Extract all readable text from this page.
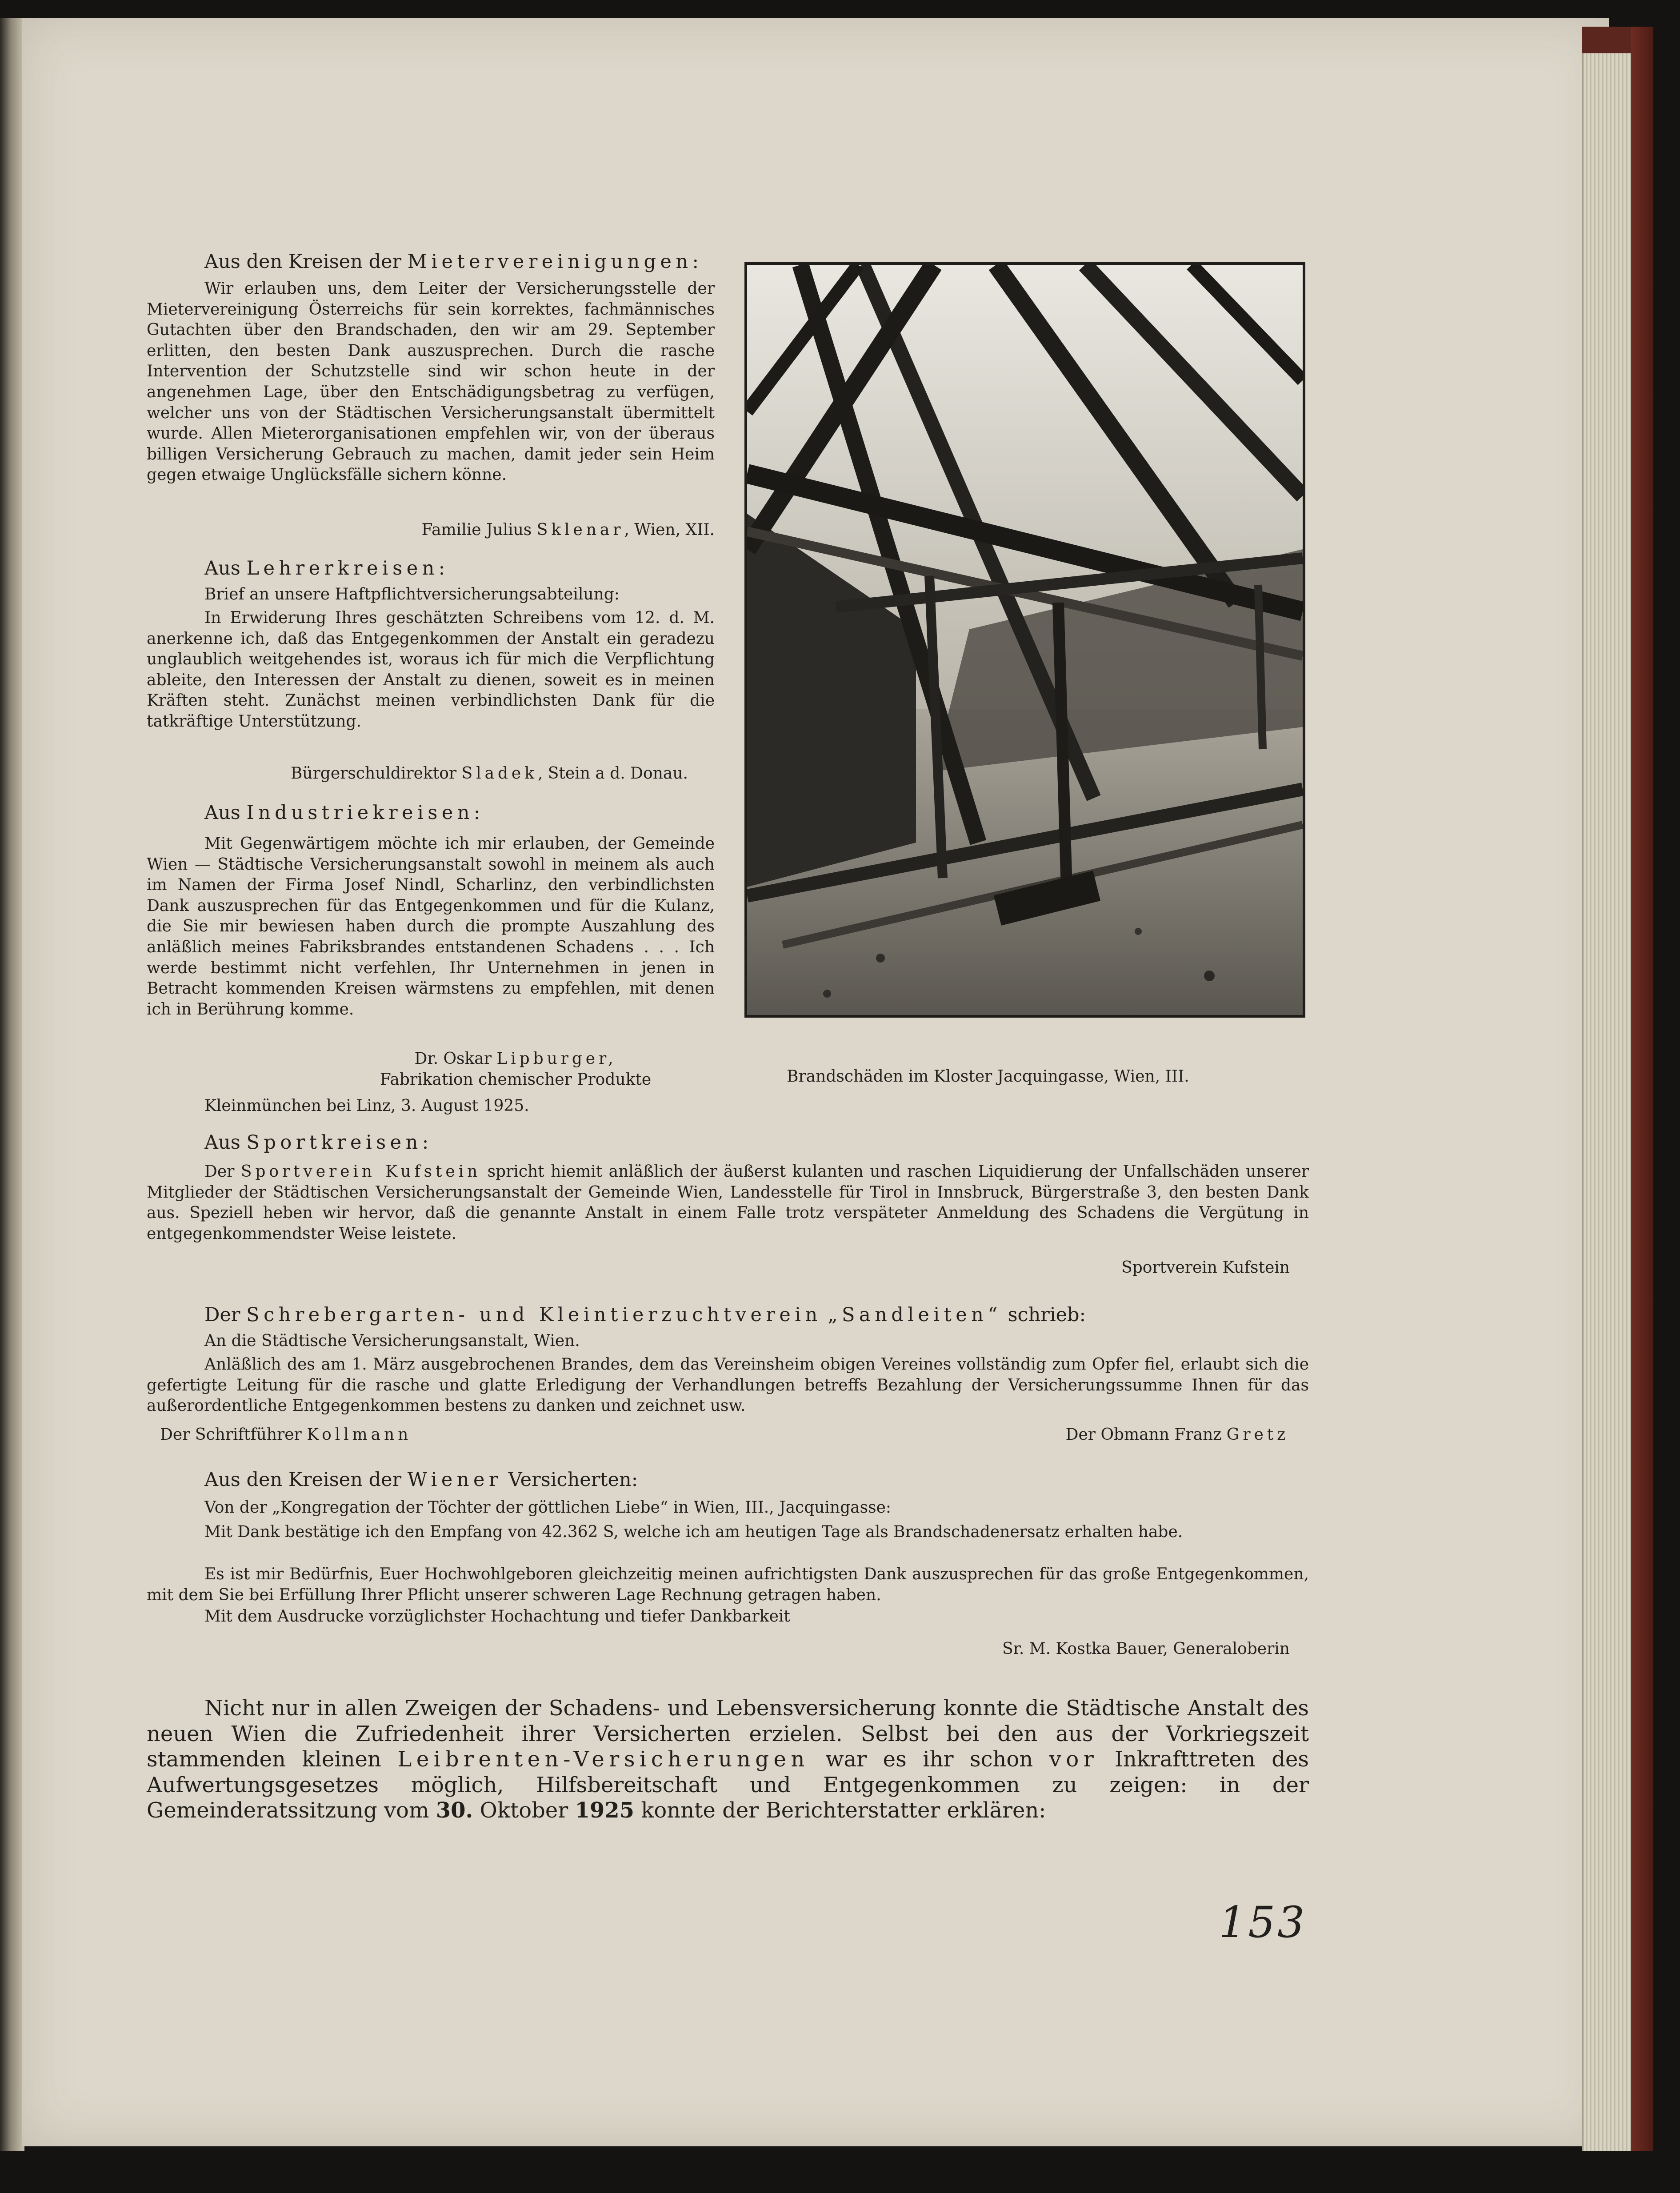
Aus den Kreisen der Mietervereinigungen:

Wir erlauben uns, dem Leiter der Versicherungsstelle der Mietervereinigung Österreichs für sein korrektes, fachmännisches Gutachten über den Brandschaden, den wir am 29. September erlitten, den besten Dank auszusprechen. Durch die rasche Intervention der Schutzstelle sind wir schon heute in der angenehmen Lage, über den Entschädigungsbetrag zu verfügen, welcher uns von der Städtischen Versicherungsanstalt übermittelt wurde. Allen Mieterorganisationen empfehlen wir, von der überaus billigen Versicherung Gebrauch zu machen, damit jeder sein Heim gegen etwaige Unglücksfälle sichern könne.

Familie Julius Sklenar, Wien, XII.
Aus Lehrerkreisen:

Brief an unsere Haftpflichtversicherungsabteilung:

In Erwiderung Ihres geschätzten Schreibens vom 12. d. M. anerkenne ich, daß das Entgegenkommen der Anstalt ein geradezu unglaublich weitgehendes ist, woraus ich für mich die Verpflichtung ableite, den Interessen der Anstalt zu dienen, soweit es in meinen Kräften steht. Zunächst meinen verbindlichsten Dank für die tatkräftige Unterstützung.

Bürgerschuldirektor Sladek, Stein a d. Donau.
Aus Industriekreisen:

Mit Gegenwärtigem möchte ich mir erlauben, der Gemeinde Wien — Städtische Versicherungsanstalt sowohl in meinem als auch im Namen der Firma Josef Nindl, Scharlinz, den verbindlichsten Dank auszusprechen für das Entgegenkommen und für die Kulanz, die Sie mir bewiesen haben durch die prompte Auszahlung des anläßlich meines Fabriksbrandes entstandenen Schadens . . . Ich werde bestimmt nicht verfehlen, Ihr Unternehmen in jenen in Betracht kommenden Kreisen wärmstens zu empfehlen, mit denen ich in Berührung komme.

Dr. Oskar Lipburger,
Fabrikation chemischer Produkte
Kleinmünchen bei Linz, 3. August 1925.
Brandschäden im Kloster Jacquingasse, Wien, III.
Aus Sportkreisen:

Der Sportverein Kufstein spricht hiemit anläßlich der äußerst kulanten und raschen Liquidierung der Unfallschäden unserer Mitglieder der Städtischen Versicherungsanstalt der Gemeinde Wien, Landesstelle für Tirol in Innsbruck, Bürgerstraße 3, den besten Dank aus. Speziell heben wir hervor, daß die genannte Anstalt in einem Falle trotz verspäteter Anmeldung des Schadens die Vergütung in entgegenkommendster Weise leistete.

Sportverein Kufstein
Der Schrebergarten- und Kleintierzuchtverein „Sandleiten“ schrieb:

An die Städtische Versicherungsanstalt, Wien.

Anläßlich des am 1. März ausgebrochenen Brandes, dem das Vereinsheim obigen Vereines vollständig zum Opfer fiel, erlaubt sich die gefertigte Leitung für die rasche und glatte Erledigung der Verhandlungen betreffs Bezahlung der Versicherungssumme Ihnen für das außerordentliche Entgegenkommen bestens zu danken und zeichnet usw.

Der Schriftführer Kollmann	Der Obmann Franz Gretz
Aus den Kreisen der Wiener Versicherten:

Von der „Kongregation der Töchter der göttlichen Liebe“ in Wien, III., Jacquingasse:

Mit Dank bestätige ich den Empfang von 42.362 S, welche ich am heutigen Tage als Brandschadenersatz erhalten habe.

Es ist mir Bedürfnis, Euer Hochwohlgeboren gleichzeitig meinen aufrichtigsten Dank auszusprechen für das große Entgegenkommen, mit dem Sie bei Erfüllung Ihrer Pflicht unserer schweren Lage Rechnung getragen haben.

Mit dem Ausdrucke vorzüglichster Hochachtung und tiefer Dankbarkeit

Sr. M. Kostka Bauer, Generaloberin

Nicht nur in allen Zweigen der Schadens- und Lebensversicherung konnte die Städtische Anstalt des neuen Wien die Zufriedenheit ihrer Versicherten erzielen. Selbst bei den aus der Vorkriegszeit stammenden kleinen Leibrenten-Versicherungen war es ihr schon vor Inkrafttreten des Aufwertungsgesetzes möglich, Hilfsbereitschaft und Entgegenkommen zu zeigen: in der Gemeinderatssitzung vom 30. Oktober 1925 konnte der Berichterstatter erklären:

153
